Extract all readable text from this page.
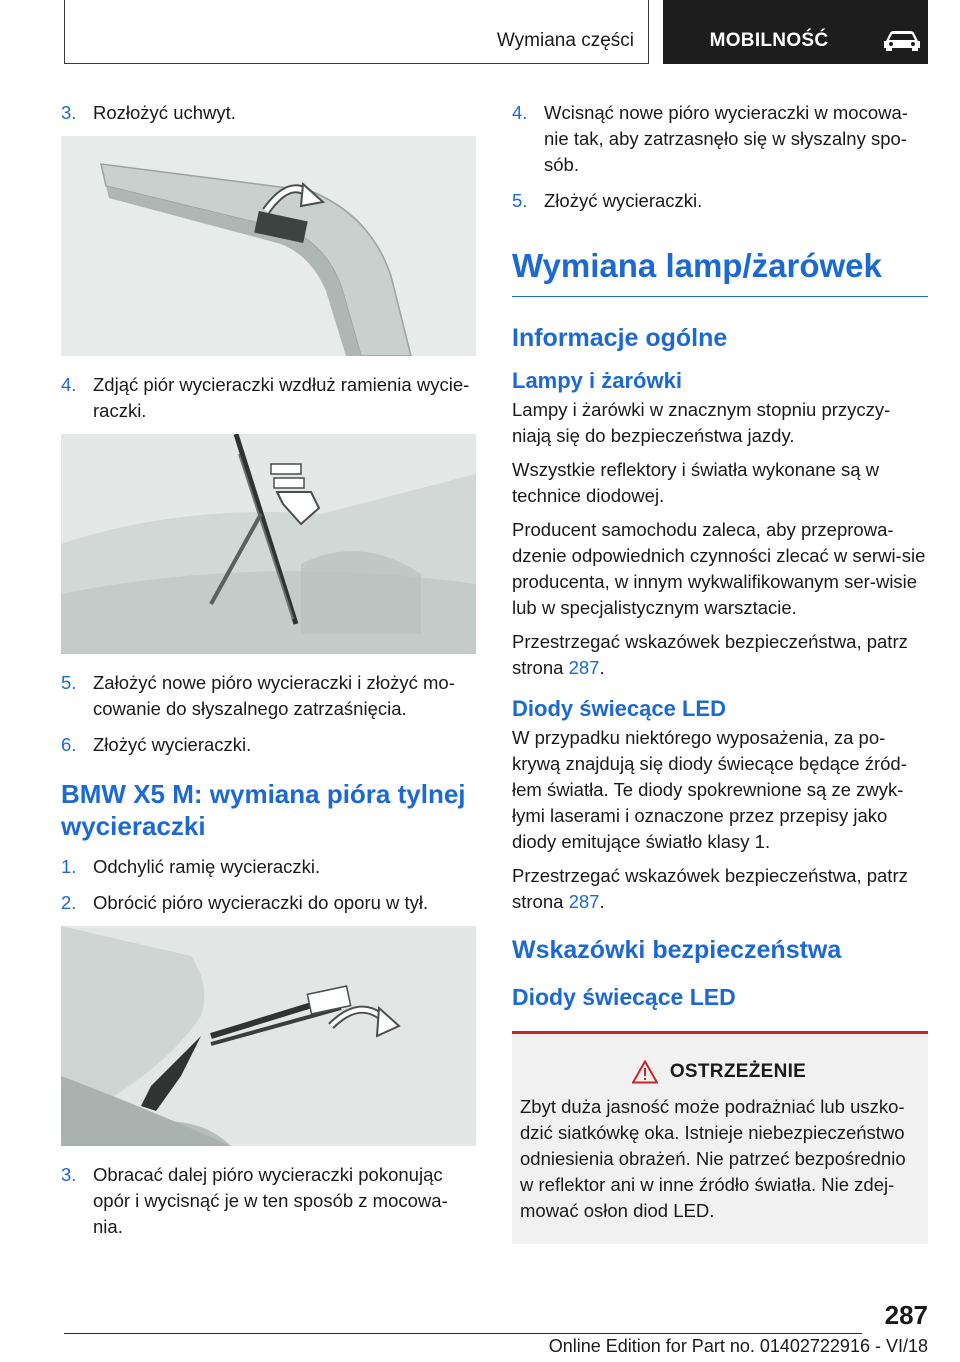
Wymiana części	MOBILNOŚĆ
3. Rozłożyć uchwyt.
4. Zdjąć piór wycieraczki wzdłuż ramienia wycie-raczki.
5. Założyć nowe pióro wycieraczki i złożyć mo-cowanie do słyszalnego zatrzaśnięcia.
6. Złożyć wycieraczki.
BMW X5 M: wymiana pióra tylnej wycieraczki
1. Odchylić ramię wycieraczki.
2. Obrócić pióro wycieraczki do oporu w tył.
3. Obracać dalej pióro wycieraczki pokonując opór i wycisnąć je w ten sposób z mocowa-nia.
4. Wcisnąć nowe pióro wycieraczki w mocowa-nie tak, aby zatrzasnęło się w słyszalny spo-sób.
5. Złożyć wycieraczki.
Wymiana lamp/żarówek
Informacje ogólne
Lampy i żarówki

Lampy i żarówki w znacznym stopniu przyczy-niają się do bezpieczeństwa jazdy.

Wszystkie reflektory i światła wykonane są w technice diodowej.

Producent samochodu zaleca, aby przeprowa-dzenie odpowiednich czynności zlecać w serwi-sie producenta, w innym wykwalifikowanym ser-wisie lub w specjalistycznym warsztacie.

Przestrzegać wskazówek bezpieczeństwa, patrz strona 287.

Diody świecące LED

W przypadku niektórego wyposażenia, za po-krywą znajdują się diody świecące będące źród-łem światła. Te diody spokrewnione są ze zwyk-łymi laserami i oznaczone przez przepisy jako diody emitujące światło klasy 1.

Przestrzegać wskazówek bezpieczeństwa, patrz strona 287.

Wskazówki bezpieczeństwa
Diody świecące LED
OSTRZEŻENIE

Zbyt duża jasność może podrażniać lub uszko-dzić siatkówkę oka. Istnieje niebezpieczeństwo odniesienia obrażeń. Nie patrzeć bezpośrednio w reflektor ani w inne źródło światła. Nie zdej-mować osłon diod LED.

287
Online Edition for Part no. 01402722916 - VI/18
